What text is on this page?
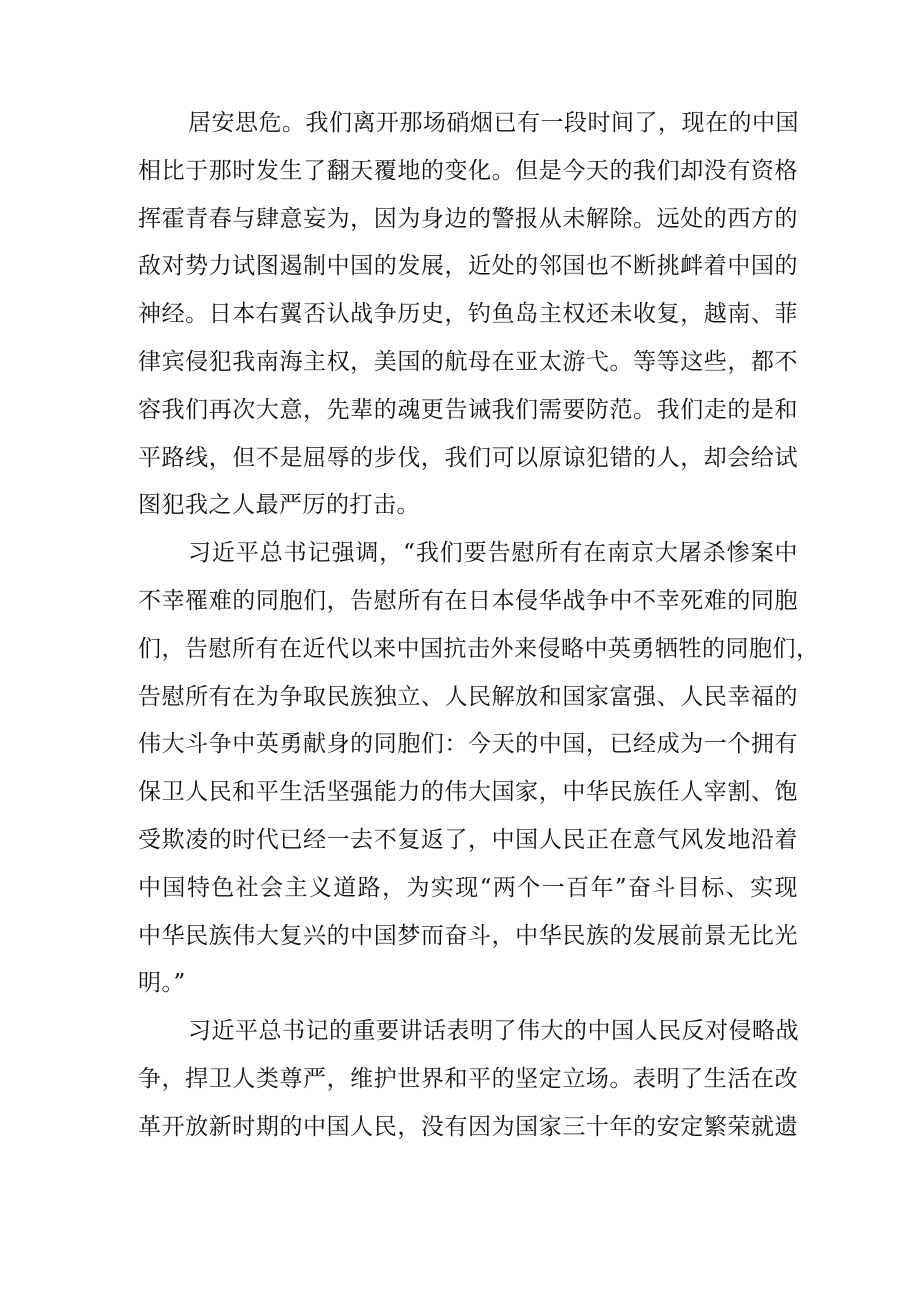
居安思危。我们离开那场硝烟已有一段时间了，现在的中国
相比于那时发生了翻天覆地的变化。但是今天的我们却没有资格
挥霍青春与肆意妄为，因为身边的警报从未解除。远处的西方的
敌对势力试图遏制中国的发展，近处的邻国也不断挑衅着中国的
神经。日本右翼否认战争历史，钓鱼岛主权还未收复，越南、菲
律宾侵犯我南海主权，美国的航母在亚太游弋。等等这些，都不
容我们再次大意，先辈的魂更告诫我们需要防范。我们走的是和
平路线，但不是屈辱的步伐，我们可以原谅犯错的人，却会给试
图犯我之人最严厉的打击。
习近平总书记强调，“我们要告慰所有在南京大屠杀惨案中
不幸罹难的同胞们，告慰所有在日本侵华战争中不幸死难的同胞
们，告慰所有在近代以来中国抗击外来侵略中英勇牺牲的同胞们，
告慰所有在为争取民族独立、人民解放和国家富强、人民幸福的
伟大斗争中英勇献身的同胞们：今天的中国，已经成为一个拥有
保卫人民和平生活坚强能力的伟大国家，中华民族任人宰割、饱
受欺凌的时代已经一去不复返了，中国人民正在意气风发地沿着
中国特色社会主义道路，为实现“两个一百年”奋斗目标、实现
中华民族伟大复兴的中国梦而奋斗，中华民族的发展前景无比光
明。”
习近平总书记的重要讲话表明了伟大的中国人民反对侵略战
争，捍卫人类尊严，维护世界和平的坚定立场。表明了生活在改
革开放新时期的中国人民，没有因为国家三十年的安定繁荣就遗
